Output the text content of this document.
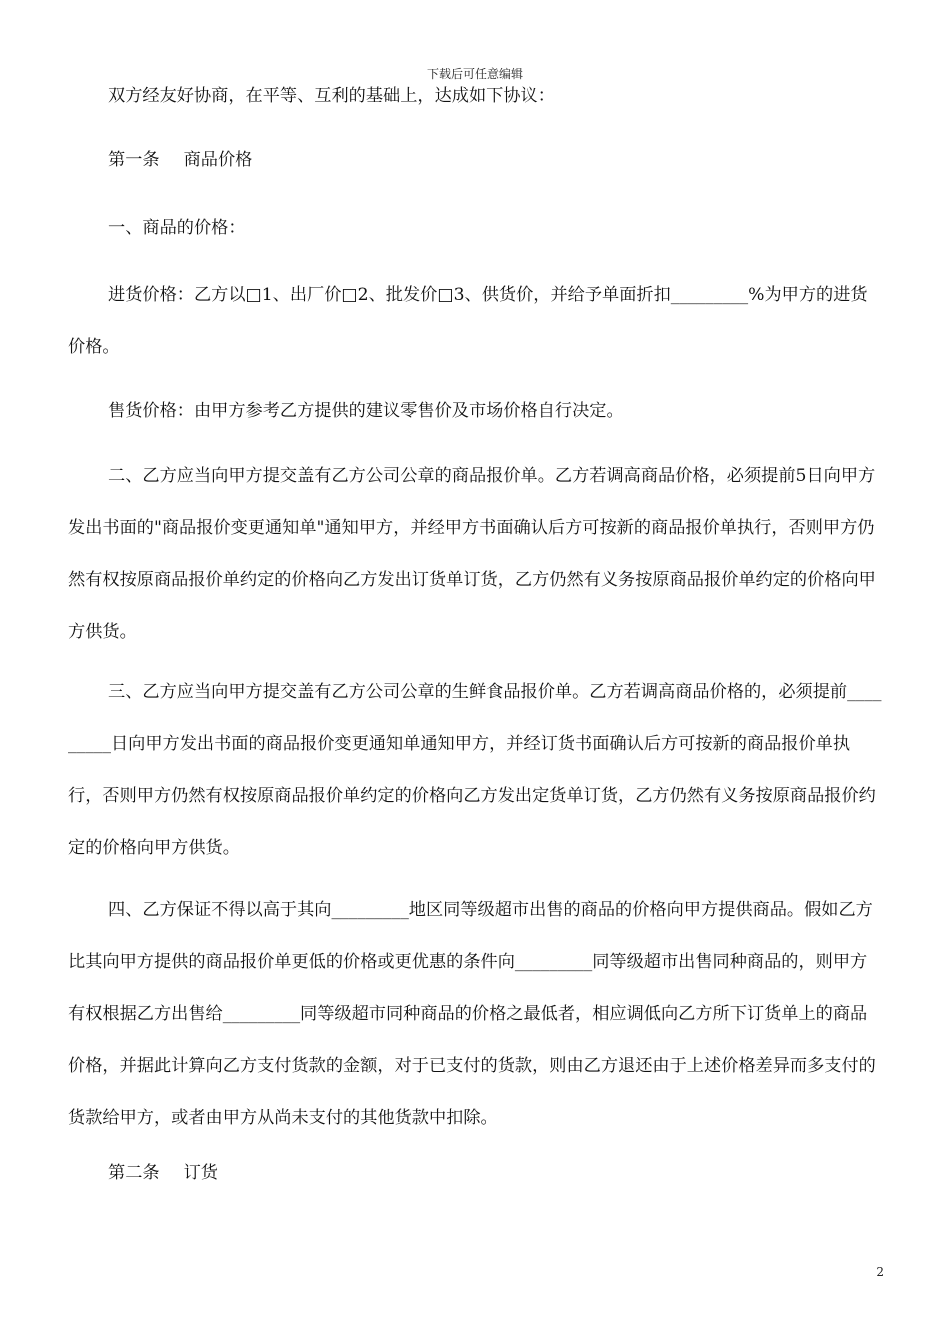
下载后可任意编辑

双方经友好协商，在平等、互利的基础上，达成如下协议：

第一条 商品价格

一、商品的价格：

进货价格：乙方以□1、出厂价□2、批发价□3、供货价，并给予单面折扣_________%为甲方的进货价格。

售货价格：由甲方参考乙方提供的建议零售价及市场价格自行决定。

二、乙方应当向甲方提交盖有乙方公司公章的商品报价单。乙方若调高商品价格，必须提前5日向甲方发出书面的"商品报价变更通知单"通知甲方，并经甲方书面确认后方可按新的商品报价单执行，否则甲方仍然有权按原商品报价单约定的价格向乙方发出订货单订货，乙方仍然有义务按原商品报价单约定的价格向甲方供货。

三、乙方应当向甲方提交盖有乙方公司公章的生鲜食品报价单。乙方若调高商品价格的，必须提前_________日向甲方发出书面的商品报价变更通知单通知甲方，并经订货书面确认后方可按新的商品报价单执行，否则甲方仍然有权按原商品报价单约定的价格向乙方发出定货单订货，乙方仍然有义务按原商品报价约定的价格向甲方供货。

四、乙方保证不得以高于其向_________地区同等级超市出售的商品的价格向甲方提供商品。假如乙方比其向甲方提供的商品报价单更低的价格或更优惠的条件向_________同等级超市出售同种商品的，则甲方有权根据乙方出售给_________同等级超市同种商品的价格之最低者，相应调低向乙方所下订货单上的商品价格，并据此计算向乙方支付货款的金额，对于已支付的货款，则由乙方退还由于上述价格差异而多支付的货款给甲方，或者由甲方从尚未支付的其他货款中扣除。

第二条 订货
2
